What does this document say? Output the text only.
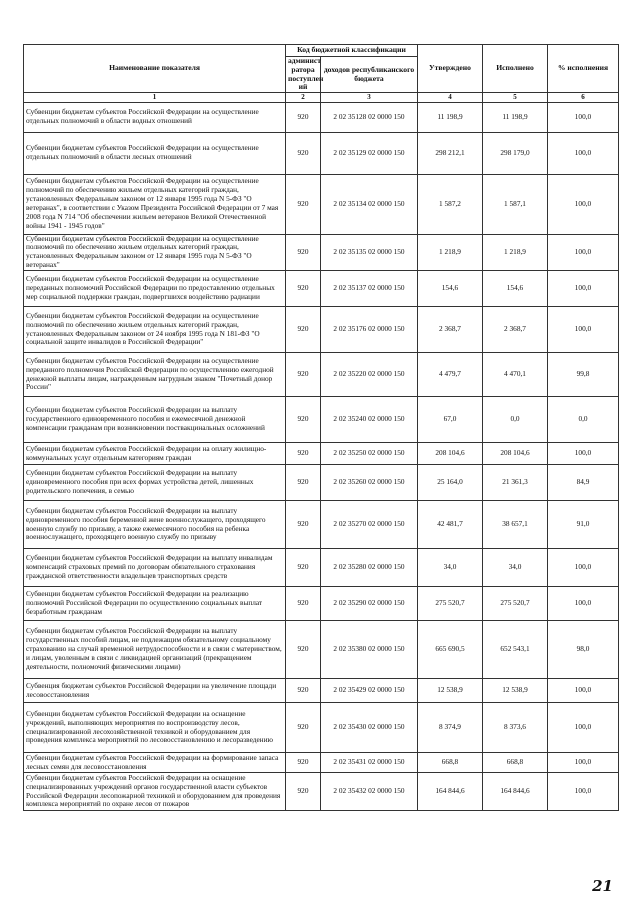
Наименование показателя	Код бюджетной классификации		Утверждено	Исполнено	% исполнения
	админист ратора поступлен ий	доходов республиканского бюджета			
1	2	3	4	5	6
Субвенции бюджетам субъектов Российской Федерации на осуществление отдельных полномочий в области водных отношений	920	2 02 35128 02 0000 150	11 198,9	11 198,9	100,0
Субвенции бюджетам субъектов Российской Федерации на осуществление отдельных полномочий в области лесных отношений	920	2 02 35129 02 0000 150	298 212,1	298 179,0	100,0
Субвенции бюджетам субъектов Российской Федерации на осуществление полномочий по обеспечению жильем отдельных категорий граждан, установленных Федеральным законом от 12 января 1995 года N 5-ФЗ "О ветеранах", в соответствии с Указом Президента Российской Федерации от 7 мая 2008 года N 714 "Об обеспечении жильем ветеранов Великой Отечественной войны 1941 - 1945 годов"	920	2 02 35134 02 0000 150	1 587,2	1 587,1	100,0
Субвенции бюджетам субъектов Российской Федерации на осуществление полномочий по обеспечению жильем отдельных категорий граждан, установленных Федеральным законом от 12 января 1995 года N 5-ФЗ "О ветеранах"	920	2 02 35135 02 0000 150	1 218,9	1 218,9	100,0
Субвенции бюджетам субъектов Российской Федерации на осуществление переданных полномочий Российской Федерации по предоставлению отдельных мер социальной поддержки граждан, подвергшихся воздействию радиации	920	2 02 35137 02 0000 150	154,6	154,6	100,0
Субвенции бюджетам субъектов Российской Федерации на осуществление полномочий по обеспечению жильем отдельных категорий граждан, установленных Федеральным законом от 24 ноября 1995 года N 181-ФЗ "О социальной защите инвалидов в Российской Федерации"	920	2 02 35176 02 0000 150	2 368,7	2 368,7	100,0
Субвенции бюджетам субъектов Российской Федерации на осуществление переданного полномочия Российской Федерации по осуществлению ежегодной денежной выплаты лицам, награжденным нагрудным знаком "Почетный донор России"	920	2 02 35220 02 0000 150	4 479,7	4 470,1	99,8
Субвенции бюджетам субъектов Российской Федерации на выплату государственного единовременного пособия и ежемесячной денежной компенсации гражданам при возникновении поствакцинальных осложнений	920	2 02 35240 02 0000 150	67,0	0,0	0,0
Субвенции бюджетам субъектов Российской Федерации на оплату жилищно-коммунальных услуг отдельным категориям граждан	920	2 02 35250 02 0000 150	208 104,6	208 104,6	100,0
Субвенции бюджетам субъектов Российской Федерации на выплату единовременного пособия при всех формах устройства детей, лишенных родительского попечения, в семью	920	2 02 35260 02 0000 150	25 164,0	21 361,3	84,9
Субвенции бюджетам субъектов Российской Федерации на выплату единовременного пособия беременной жене военнослужащего, проходящего военную службу по призыву, а также ежемесячного пособия на ребенка военнослужащего, проходящего военную службу по призыву	920	2 02 35270 02 0000 150	42 481,7	38 657,1	91,0
Субвенции бюджетам субъектов Российской Федерации на выплату инвалидам компенсаций страховых премий по договорам обязательного страхования гражданской ответственности владельцев транспортных средств	920	2 02 35280 02 0000 150	34,0	34,0	100,0
Субвенции бюджетам субъектов Российской Федерации на реализацию полномочий Российской Федерации по осуществлению социальных выплат безработным гражданам	920	2 02 35290 02 0000 150	275 520,7	275 520,7	100,0
Субвенции бюджетам субъектов Российской Федерации на выплату государственных пособий лицам, не подлежащим обязательному социальному страхованию на случай временной нетрудоспособности и в связи с материнством, и лицам, уволенным в связи с ликвидацией организаций (прекращением деятельности, полномочий физическими лицами)	920	2 02 35380 02 0000 150	665 690,5	652 543,1	98,0
Субвенция бюджетам субъектов Российской Федерации на увеличение площади лесовосстановления	920	2 02 35429 02 0000 150	12 538,9	12 538,9	100,0
Субвенции бюджетам субъектов Российской Федерации на оснащение учреждений, выполняющих мероприятия по воспроизводству лесов, специализированной лесохозяйственной техникой и оборудованием для проведения комплекса мероприятий по лесовосстановлению и лесоразведению	920	2 02 35430 02 0000 150	8 374,9	8 373,6	100,0
Субвенции бюджетам субъектов Российской Федерации на формирование запаса лесных семян для лесовосстановления	920	2 02 35431 02 0000 150	668,8	668,8	100,0
Субвенции бюджетам субъектов Российской Федерации на оснащение специализированных учреждений органов государственной власти субъектов Российской Федерации лесопожарной техникой и оборудованием для проведения комплекса мероприятий по охране лесов от пожаров	920	2 02 35432 02 0000 150	164 844,6	164 844,6	100,0
21
